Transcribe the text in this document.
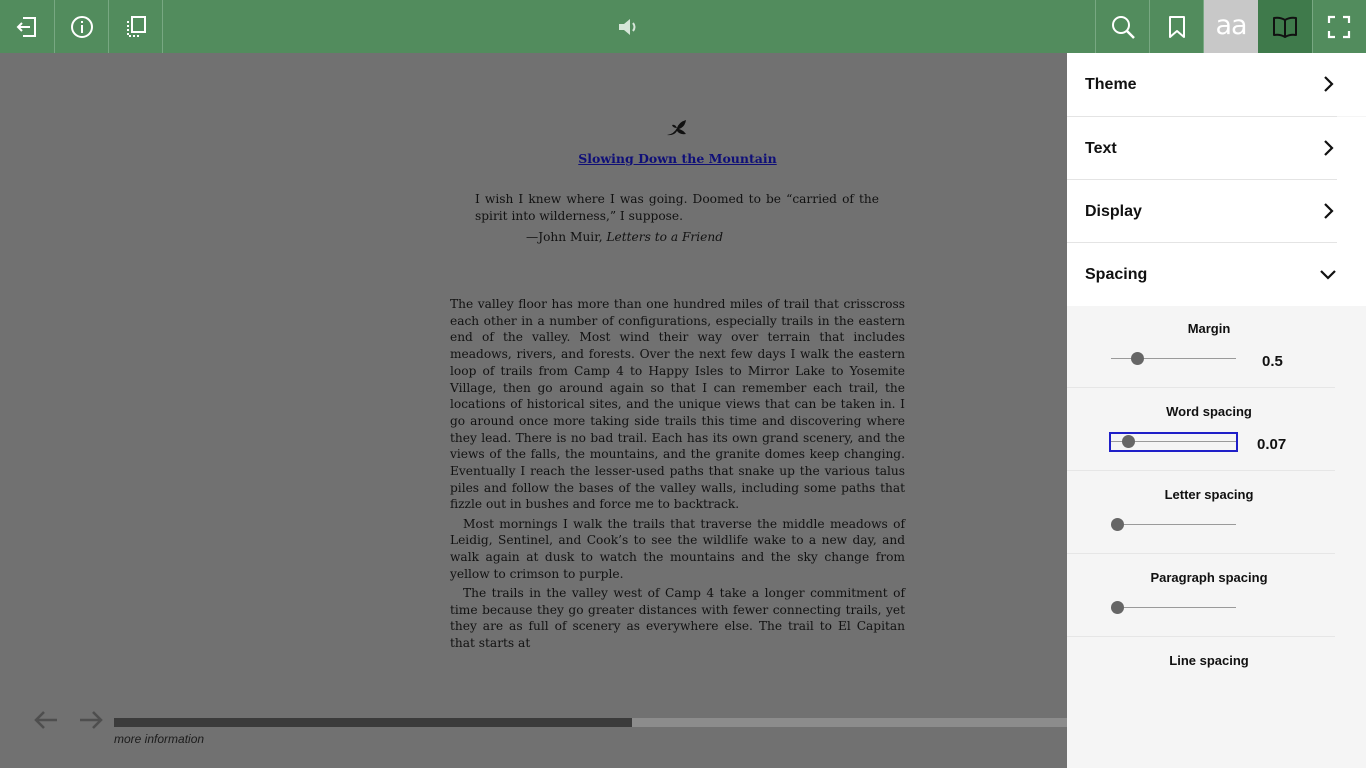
aa
Slowing Down the Mountain
I wish I knew where I was going. Doomed to be “carried of the spirit into wilderness,” I suppose.
—John Muir, Letters to a Friend

The valley floor has more than one hundred miles of trail that crisscross each other in a number of configurations, especially trails in the eastern end of the valley. Most wind their way over terrain that includes meadows, rivers, and forests. Over the next few days I walk the eastern loop of trails from Camp 4 to Happy Isles to Mirror Lake to Yosemite Village, then go around again so that I can remember each trail, the locations of historical sites, and the unique views that can be taken in. I go around once more taking side trails this time and discovering where they lead. There is no bad trail. Each has its own grand scenery, and the views of the falls, the mountains, and the granite domes keep changing. Eventually I reach the lesser-used paths that snake up the various talus piles and follow the bases of the valley walls, including some paths that fizzle out in bushes and force me to backtrack.

Most mornings I walk the trails that traverse the middle meadows of Leidig, Sentinel, and Cook’s to see the wildlife wake to a new day, and walk again at dusk to watch the mountains and the sky change from yellow to crimson to purple.

The trails in the valley west of Camp 4 take a longer commitment of time because they go greater distances with fewer connecting trails, yet they are as full of scenery as everywhere else. The trail to El Capitan that starts at

more information
Theme
Text
Display
Spacing
Margin
0.5
Word spacing
0.07
Letter spacing
Paragraph spacing
Line spacing
